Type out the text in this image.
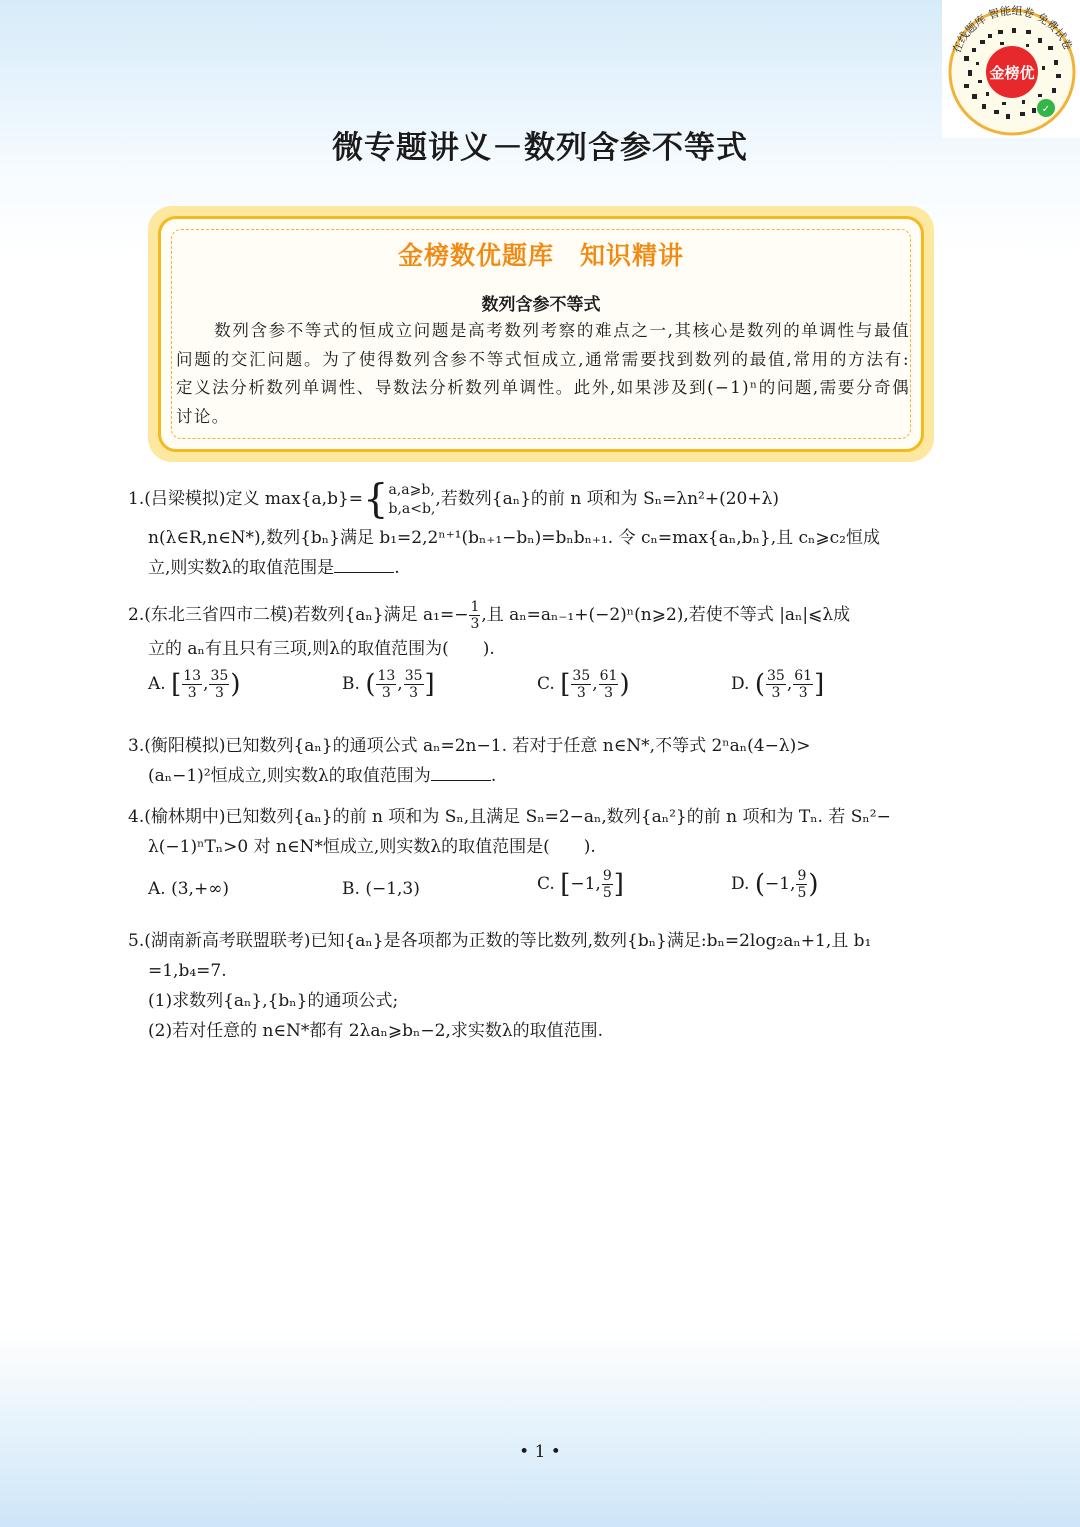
金榜优
✓
在线题库 智能组卷 免费试卷
微专题讲义－数列含参不等式
金榜数优题库　知识精讲
数列含参不等式
数列含参不等式的恒成立问题是高考数列考察的难点之一,其核心是数列的单调性与最值问题的交汇问题。为了使得数列含参不等式恒成立,通常需要找到数列的最值,常用的方法有:定义法分析数列单调性、导数法分析数列单调性。此外,如果涉及到(−1)ⁿ的问题,需要分奇偶讨论。
1.(吕梁模拟)定义 max{a,b}={ a,a⩾b,
b,a<b, ,若数列{aₙ}的前 n 项和为 Sₙ=λn²+(20+λ)
n(λ∈R,n∈N*),数列{bₙ}满足 b₁=2,2ⁿ⁺¹(bₙ₊₁−bₙ)=bₙbₙ₊₁. 令 cₙ=max{aₙ,bₙ},且 cₙ⩾c₂恒成
立,则实数λ的取值范围是	.
2.(东北三省四市二模)若数列{aₙ}满足 $a_1=- \frac{1}{3}$ ,且 aₙ=aₙ₋₁+(−2)ⁿ(n⩾2),若使不等式 |aₙ|⩽λ成
立的 aₙ有且只有三项,则λ的取值范围为(　　).
A. [ $\frac{13}{3}$ , $\frac{35}{3}$ )	B. ( $\frac{13}{3}$ , $\frac{35}{3}$ ]	C. [ $\frac{35}{3}$ , $\frac{61}{3}$ )	D. ( $\frac{35}{3}$ , $\frac{61}{3}$ ]
3.(衡阳模拟)已知数列{aₙ}的通项公式 aₙ=2n−1. 若对于任意 n∈N*,不等式 2ⁿaₙ(4−λ)>
(aₙ−1)²恒成立,则实数λ的取值范围为	.
4.(榆林期中)已知数列{aₙ}的前 n 项和为 Sₙ,且满足 Sₙ=2−aₙ,数列{aₙ²}的前 n 项和为 Tₙ. 若 Sₙ²−
λ(−1)ⁿTₙ>0 对 n∈N*恒成立,则实数λ的取值范围是(　　).
A. (3,+∞)	B. (−1,3)	C. [−1, $\frac{9}{5}$ ]	D. (−1, $\frac{9}{5}$ )
5.(湖南新高考联盟联考)已知{aₙ}是各项都为正数的等比数列,数列{bₙ}满足:bₙ=2log₂aₙ+1,且 b₁
=1,b₄=7.
(1)求数列{aₙ},{bₙ}的通项公式;
(2)若对任意的 n∈N*都有 2λaₙ⩾bₙ−2,求实数λ的取值范围.
• 1 •
